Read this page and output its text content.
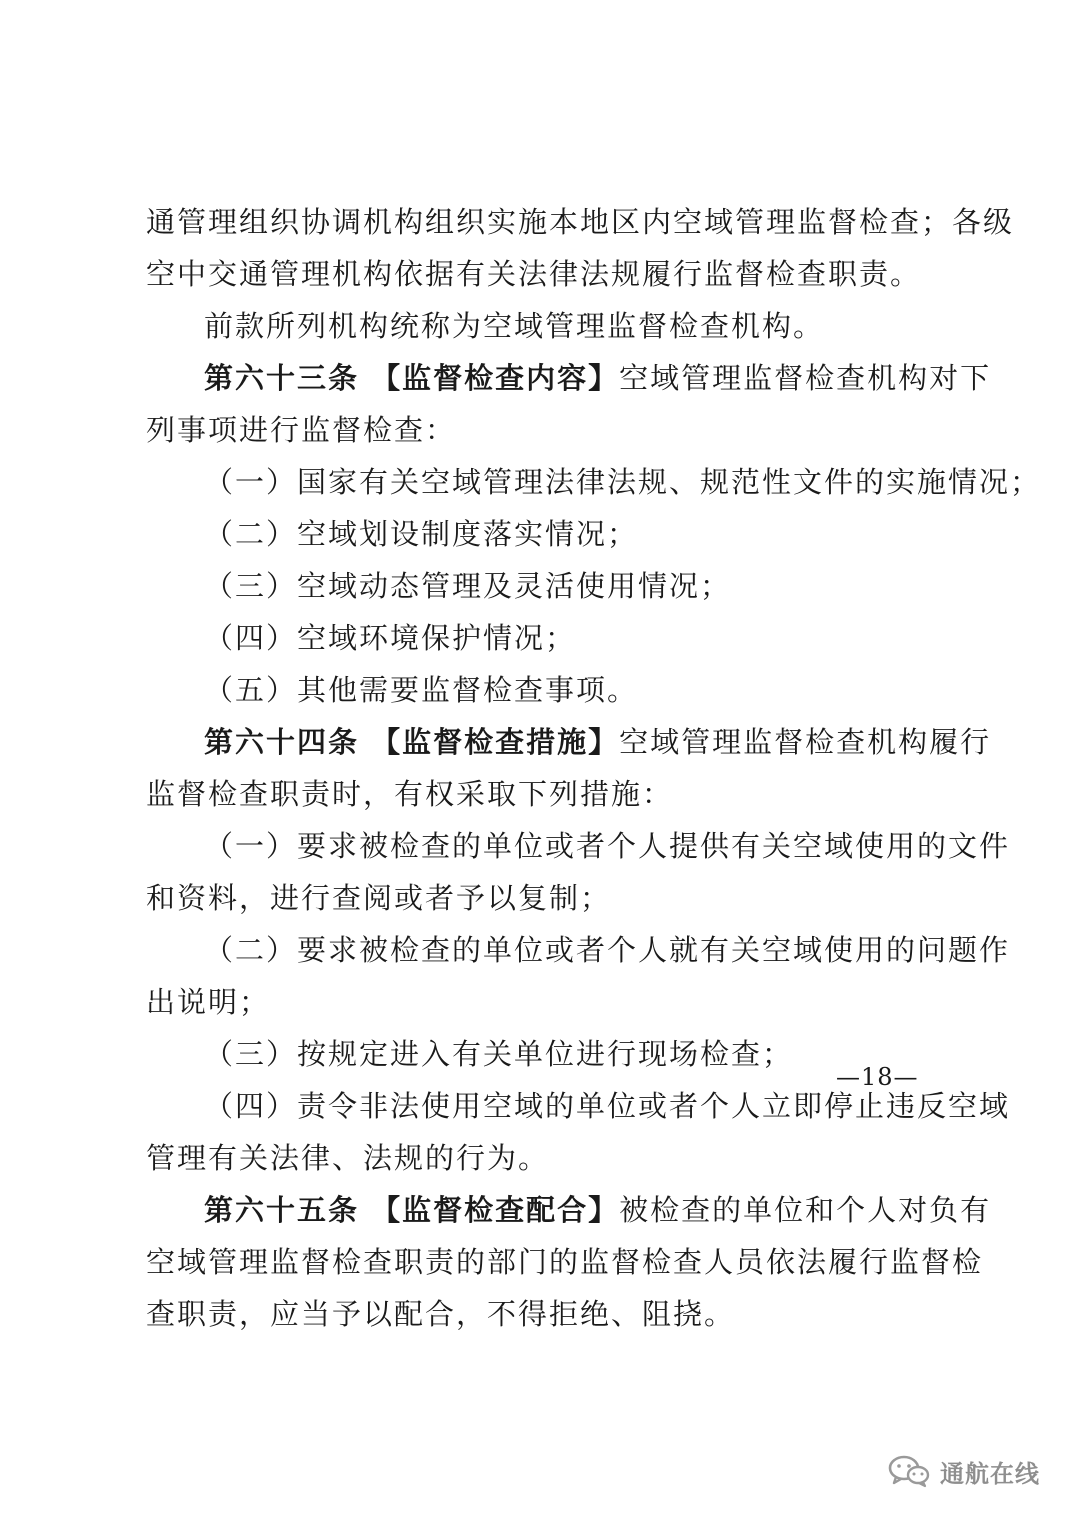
通管理组织协调机构组织实施本地区内空域管理监督检查；各级
空中交通管理机构依据有关法律法规履行监督检查职责。
前款所列机构统称为空域管理监督检查机构。
第六十三条 【监督检查内容】空域管理监督检查机构对下
列事项进行监督检查：
（一）国家有关空域管理法律法规、规范性文件的实施情况；
（二）空域划设制度落实情况；
（三）空域动态管理及灵活使用情况；
（四）空域环境保护情况；
（五）其他需要监督检查事项。
第六十四条 【监督检查措施】空域管理监督检查机构履行
监督检查职责时，有权采取下列措施：
（一）要求被检查的单位或者个人提供有关空域使用的文件
和资料，进行查阅或者予以复制；
（二）要求被检查的单位或者个人就有关空域使用的问题作
出说明；
（三）按规定进入有关单位进行现场检查；
（四）责令非法使用空域的单位或者个人立即停止违反空域
管理有关法律、法规的行为。
第六十五条 【监督检查配合】被检查的单位和个人对负有
空域管理监督检查职责的部门的监督检查人员依法履行监督检
查职责，应当予以配合，不得拒绝、阻挠。
—18—
通航在线
